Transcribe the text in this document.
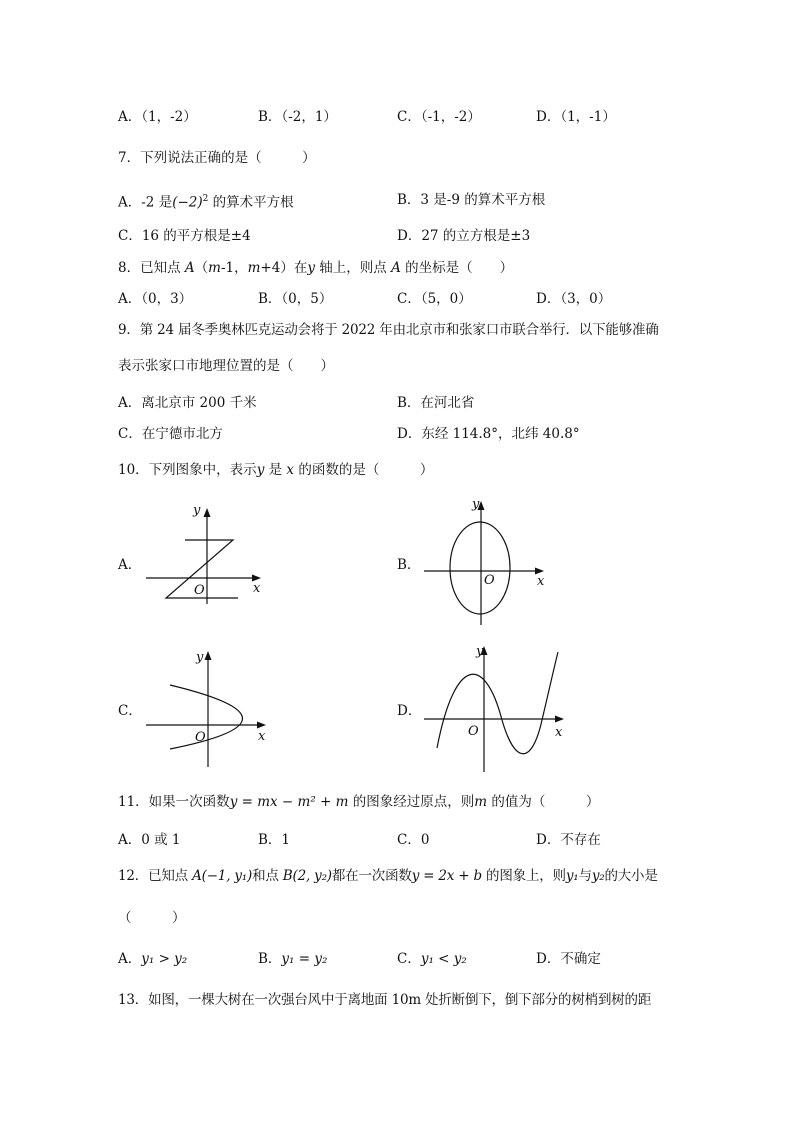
A．（1，-2）	B．（-2，1）	C．（-1，-2）	D．（1，-1）
7．下列说法正确的是（　　　）
A．-2 是$(-2)^2$ 的算术平方根	B．3 是-9 的算术平方根
C．16 的平方根是±4	D．27 的立方根是±3
8．已知点 A（m-1，m+4）在y 轴上，则点 A 的坐标是（　　）
A．（0，3）	B．（0，5）	C．（5，0）	D．（3，0）
9．第 24 届冬季奥林匹克运动会将于 2022 年由北京市和张家口市联合举行．以下能够准确
表示张家口市地理位置的是（　　）
A．离北京市 200 千米	B．在河北省
C．在宁德市北方	D．东经 114.8°，北纬 40.8°
10．下列图象中，表示y 是 x 的函数的是（　　　）
A．	B．
C．	D．
y
x
O
y
x
O
y
x
O
y
x
O
11．如果一次函数y = mx − m² + m 的图象经过原点，则m 的值为（　　　）
A．0 或 1	B．1	C．0	D．不存在
12．已知点 A(−1, y₁)和点 B(2, y₂)都在一次函数y = 2x + b 的图象上，则y₁与y₂的大小是
（　　　）
A．y₁ > y₂	B．y₁ = y₂	C．y₁ < y₂	D．不确定
13．如图，一棵大树在一次强台风中于离地面 10m 处折断倒下，倒下部分的树梢到树的距
